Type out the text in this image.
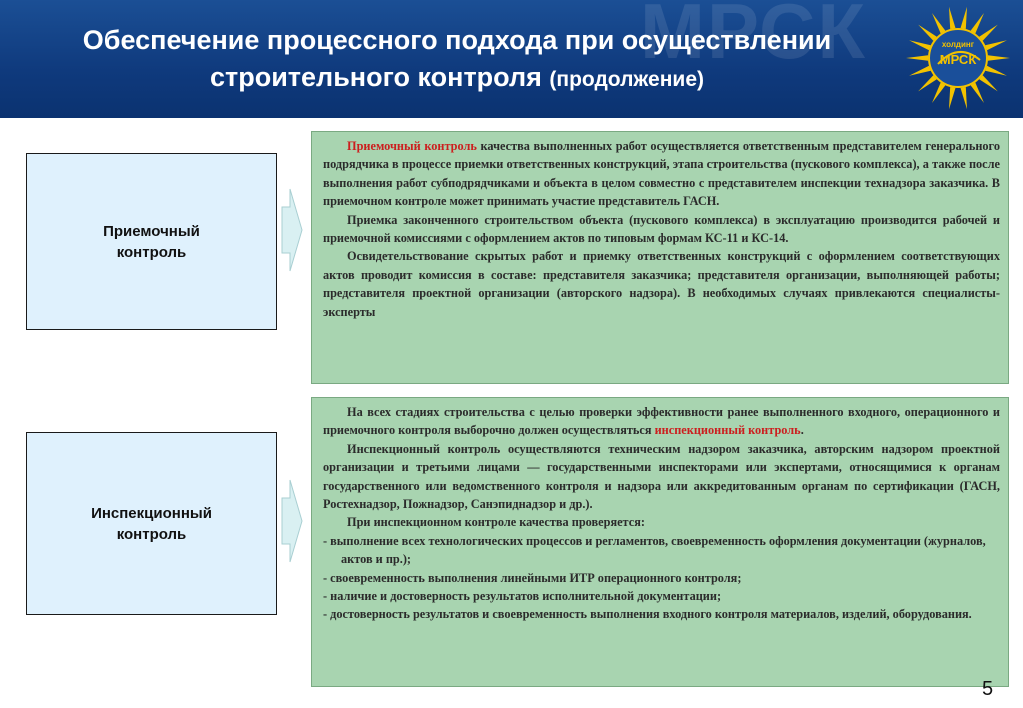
МРСК
Обеспечение процессного подхода при осуществлении
строительного контроля (продолжение)
холдинг
МРСК
Приемочный
контроль

Приемочный контроль качества выполненных работ осуществляется ответственным представителем генерального подрядчика в процессе приемки ответственных конструкций, этапа строительства (пускового комплекса), а также после выполнения работ субподрядчиками и объекта в целом совместно с представителем инспекции технадзора заказчика. В приемочном контроле может принимать участие представитель ГАСН.

Приемка законченного строительством объекта (пускового комплекса) в эксплуатацию производится рабочей и приемочной комиссиями с оформлением актов по типовым формам КС-11 и КС-14.

Освидетельствование скрытых работ и приемку ответственных конструкций с оформлением соответствующих актов проводит комиссия в составе: представителя заказчика; представителя организации, выполняющей работы; представителя проектной организации (авторского надзора). В необходимых случаях привлекаются специалисты-эксперты

Инспекционный
контроль

На всех стадиях строительства с целью проверки эффективности ранее выполненного входного, операционного и приемочного контроля выборочно должен осуществляться инспекционный контроль.

Инспекционный контроль осуществляются техническим надзором заказчика, авторским надзором проектной организации и третьими лицами — государственными инспекторами или экспертами, относящимися к органам государственного или ведомственного контроля и надзора или аккредитованным органам по сертификации (ГАСН, Ростехнадзор, Пожнадзор, Санэпиднадзор и др.).

При инспекционном контроле качества проверяется:

- выполнение всех технологических процессов и регламентов, своевременность оформления документации (журналов, актов и пр.);

- своевременность выполнения линейными ИТР операционного контроля;

- наличие и достоверность результатов исполнительной документации;

- достоверность результатов и своевременность выполнения входного контроля материалов, изделий, оборудования.

5
